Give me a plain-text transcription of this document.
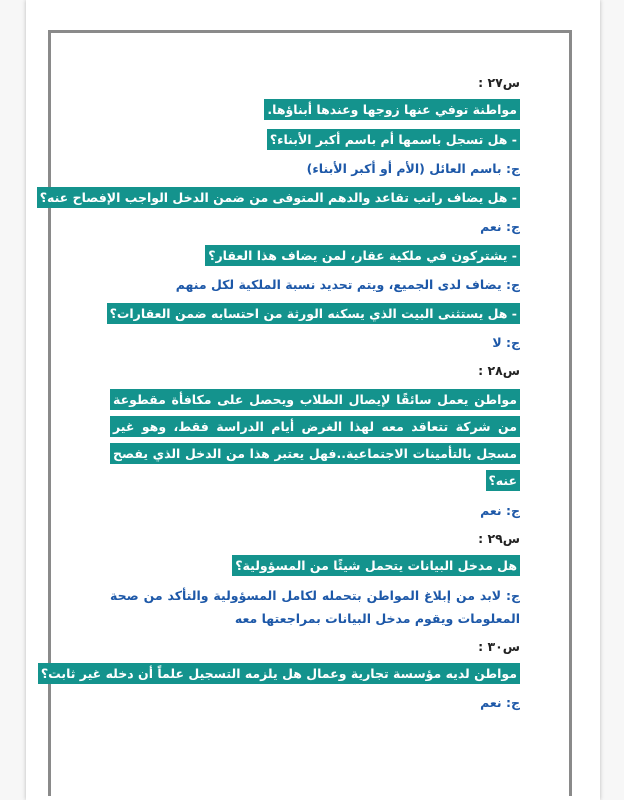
س٢٧ :
مواطنة توفي عنها زوجها وعندها أبناؤها.
- هل تسجل باسمها أم باسم أكبر الأبناء؟
ج: باسم العائل (الأم أو أكبر الأبناء)
- هل يضاف راتب تقاعد والدهم المتوفى من ضمن الدخل الواجب الإفصاح عنه؟
ج: نعم
- يشتركون في ملكية عقار، لمن يضاف هذا العقار؟
ج: يضاف لدى الجميع، ويتم تحديد نسبة الملكية لكل منهم
- هل يستثنى البيت الذي يسكنه الورثة من احتسابه ضمن العقارات؟
ج: لا
س٢٨ :
مواطن يعمل سائقًا لإيصال الطلاب ويحصل على مكافأة مقطوعة من شركة تتعاقد معه لهذا الغرض أيام الدراسة فقط، وهو غير مسجل بالتأمينات الاجتماعية..فهل يعتبر هذا من الدخل الذي يفصح عنه؟
ج: نعم
س٢٩ :
هل مدخل البيانات يتحمل شيئًا من المسؤولية؟
ج: لابد من إبلاغ المواطن بتحمله لكامل المسؤولية والتأكد من صحة المعلومات ويقوم مدخل البيانات بمراجعتها معه
س٣٠ :
مواطن لديه مؤسسة تجارية وعمال هل يلزمه التسجيل علماً أن دخله غير ثابت؟
ج: نعم
